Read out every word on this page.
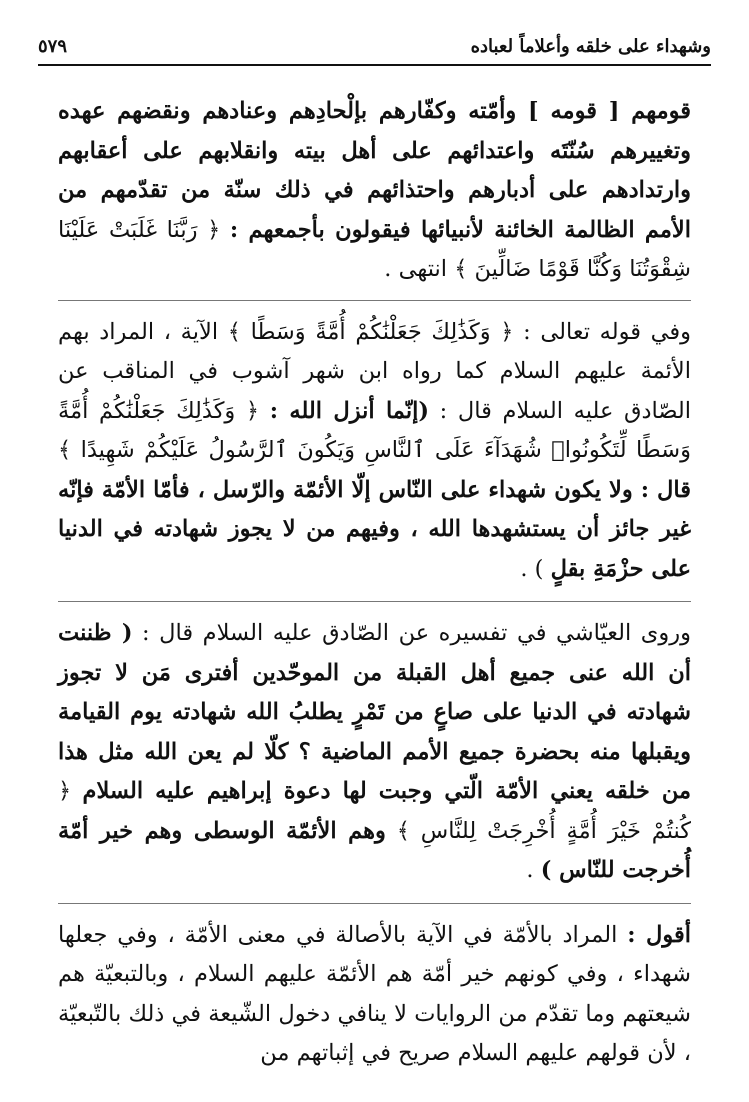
وشهداء على خلقه وأعلاماً لعباده
٥٧٩

قومهم [ قومه ] وأمّته وكفّارهم بإلْحادِهم وعنادهم ونقضهم عهده وتغييرهم سُنّتَه واعتدائهم على أهل بيته وانقلابهم على أعقابهم وارتدادهم على أدبارهم واحتذائهم في ذلك سنّة من تقدّمهم من الأمم الظالمة الخائنة لأنبيائها فيقولون بأجمعهم : ﴿ رَبَّنَا غَلَبَتْ عَلَيْنَا شِقْوَتُنَا وَكُنَّا قَوْمًا ضَالِّينَ ﴾ انتهى .

وفي قوله تعالى : ﴿ وَكَذَٰلِكَ جَعَلْنَٰكُمْ أُمَّةً وَسَطًا ﴾ الآية ، المراد بهم الأئمة عليهم السلام كما رواه ابن شهر آشوب في المناقب عن الصّادق عليه السلام قال : (إنّما أنزل الله : ﴿ وَكَذَٰلِكَ جَعَلْنَٰكُمْ أُمَّةً وَسَطًا لِّتَكُونُوا۟ شُهَدَآءَ عَلَى ٱلنَّاسِ وَيَكُونَ ٱلرَّسُولُ عَلَيْكُمْ شَهِيدًا ﴾ قال : ولا يكون شهداء على النّاس إلّا الأئمّة والرّسل ، فأمّا الأمّة فإنّه غير جائز أن يستشهدها الله ، وفيهم من لا يجوز شهادته في الدنيا على حزْمَةِ بقلٍ ) .

وروى العيّاشي في تفسيره عن الصّادق عليه السلام قال : ( ظننت أن الله عنى جميع أهل القبلة من الموحّدين أفترى مَن لا تجوز شهادته في الدنيا على صاعٍ من تَمْرٍ يطلبُ الله شهادته يوم القيامة ويقبلها منه بحضرة جميع الأمم الماضية ؟ كلّا لم يعن الله مثل هذا من خلقه يعني الأمّة الّتي وجبت لها دعوة إبراهيم عليه السلام ﴿ كُنتُمْ خَيْرَ أُمَّةٍ أُخْرِجَتْ لِلنَّاسِ ﴾ وهم الأئمّة الوسطى وهم خير أمّة أُخرجت للنّاس ) .

أقول : المراد بالأمّة في الآية بالأصالة في معنى الأمّة ، وفي جعلها شهداء ، وفي كونهم خير أمّة هم الأئمّة عليهم السلام ، وبالتبعيّة هم شيعتهم وما تقدّم من الروايات لا ينافي دخول الشّيعة في ذلك بالتّبعيّة ، لأن قولهم عليهم السلام صريح في إثباتهم من
